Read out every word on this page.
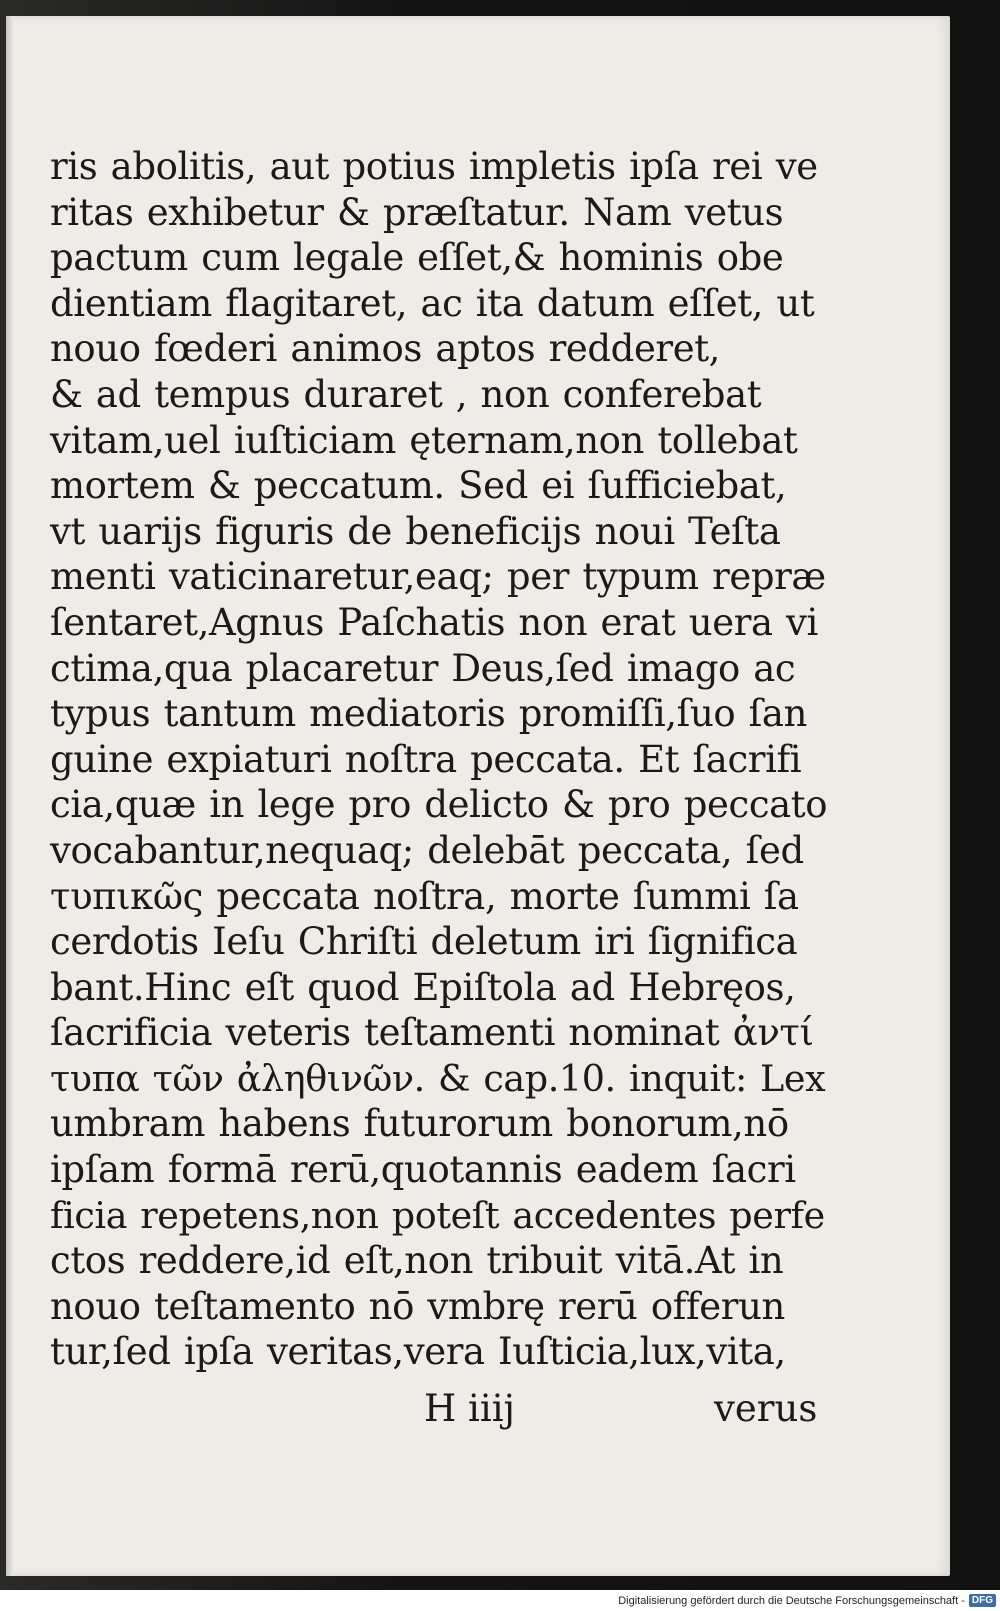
ris abolitis, aut potius impletis ipſa rei ve
ritas exhibetur & præſtatur. Nam vetus
pactum cum legale eſſet,& hominis obe
dientiam flagitaret, ac ita datum eſſet, ut
nouo fœderi animos aptos redderet,
& ad tempus duraret , non conferebat
vitam,uel iuſticiam ęternam,non tollebat
mortem & peccatum. Sed ei ſufficiebat,
vt uarijs figuris de beneficijs noui Teſta
menti vaticinaretur,eaq; per typum repræ
ſentaret,Agnus Paſchatis non erat uera vi
ctima,qua placaretur Deus,ſed imago ac
typus tantum mediatoris promiſſi,ſuo ſan
guine expiaturi noſtra peccata. Et ſacrifi
cia,quæ in lege pro delicto & pro peccato
vocabantur,nequaq; delebāt peccata, ſed
τυπικῶς peccata noſtra, morte ſummi ſa
cerdotis Ieſu Chriſti deletum iri ſignifica
bant.Hinc eſt quod Epiſtola ad Hebręos,
ſacrificia veteris teſtamenti nominat ἀντί
τυπα τῶν ἀληθινῶν. & cap.10. inquit: Lex
umbram habens futurorum bonorum,nō
ipſam formā rerū,quotannis eadem ſacri
ficia repetens,non poteſt accedentes perfe
ctos reddere,id eſt,non tribuit vitā.At in
nouo teſtamento nō vmbrę rerū offerun
tur,ſed ipſa veritas,vera Iuſticia,lux,vita,
H iiij	verus
Digitalisierung gefördert durch die Deutsche Forschungsgemeinschaft - DFG
